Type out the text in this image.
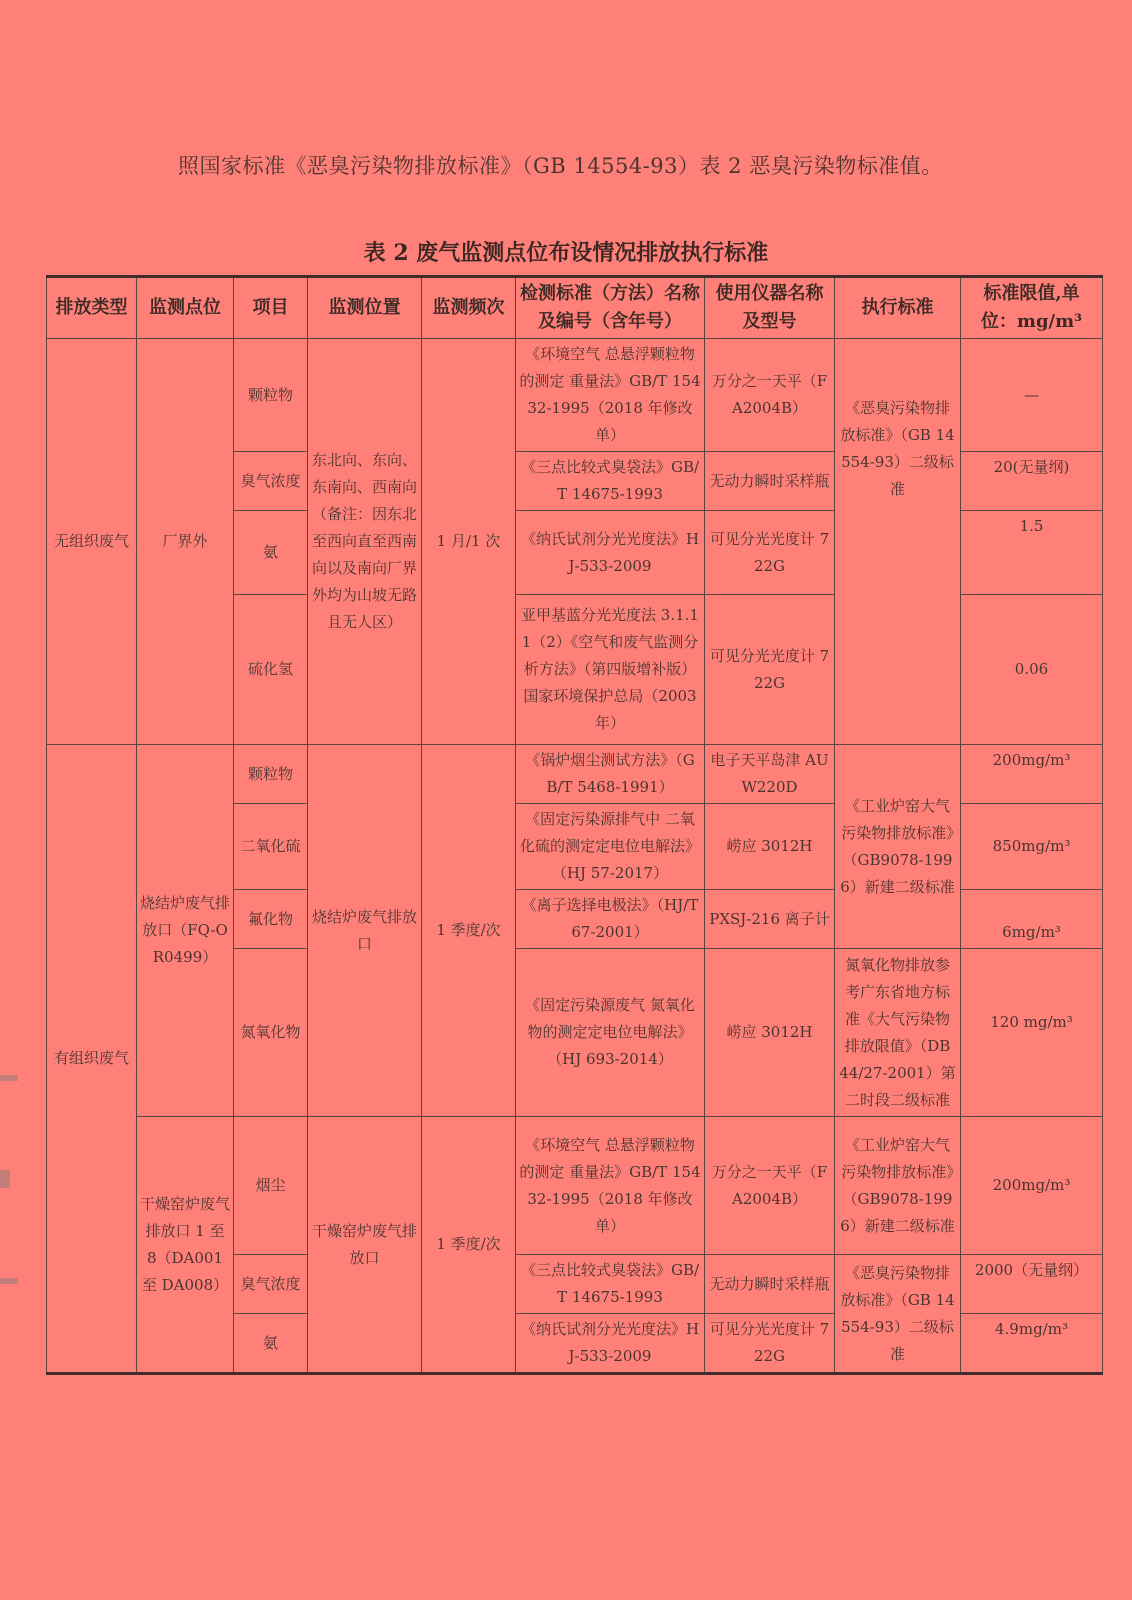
照国家标准《恶臭污染物排放标准》（GB 14554-93）表 2 恶臭污染物标准值。
表 2 废气监测点位布设情况排放执行标准
排放类型	监测点位	项目	监测位置	监测频次	检测标准（方法）名称及编号（含年号）	使用仪器名称及型号	执行标准	标准限值,单
位：mg/m³
无组织废气	厂界外	颗粒物	东北向、东向、东南向、西南向（备注：因东北至西向直至西南向以及南向厂界外均为山坡无路且无人区）	1 月/1 次	《环境空气 总悬浮颗粒物的测定 重量法》GB/T 15432-1995（2018 年修改单）	万分之一天平（FA2004B）	《恶臭污染物排放标准》（GB 14554-93）二级标准	—
		臭气浓度			《三点比较式臭袋法》GB/T 14675-1993	无动力瞬时采样瓶		20(无量纲)
		氨			《纳氏试剂分光光度法》HJ-533-2009	可见分光光度计 722G		1.5
		硫化氢			亚甲基蓝分光光度法 3.1.11（2）《空气和废气监测分析方法》（第四版增补版）国家环境保护总局（2003 年）	可见分光光度计 722G		0.06
有组织废气	烧结炉废气排放口（FQ-OR0499）	颗粒物	烧结炉废气排放口	1 季度/次	《锅炉烟尘测试方法》（GB/T 5468-1991）	电子天平岛津 AUW220D	《工业炉窑大气污染物排放标准》（GB9078-1996）新建二级标准	200mg/m³
		二氧化硫			《固定污染源排气中 二氧化硫的测定定电位电解法》（HJ 57-2017）	崂应 3012H		850mg/m³
		氟化物			《离子选择电极法》（HJ/T67-2001）	PXSJ-216 离子计		6mg/m³
		氮氧化物			《固定污染源废气 氮氧化物的测定定电位电解法》（HJ 693-2014）	崂应 3012H	氮氧化物排放参考广东省地方标准《大气污染物排放限值》（DB 44/27-2001）第二时段二级标准	120 mg/m³
	干燥窑炉废气排放口 1 至 8（DA001 至 DA008）	烟尘	干燥窑炉废气排放口	1 季度/次	《环境空气 总悬浮颗粒物的测定 重量法》GB/T 15432-1995（2018 年修改单）	万分之一天平（FA2004B）	《工业炉窑大气污染物排放标准》（GB9078-1996）新建二级标准	200mg/m³
		臭气浓度			《三点比较式臭袋法》GB/T 14675-1993	无动力瞬时采样瓶	《恶臭污染物排放标准》（GB 14554-93）二级标准	2000（无量纲）
		氨			《纳氏试剂分光光度法》HJ-533-2009	可见分光光度计 722G		4.9mg/m³
